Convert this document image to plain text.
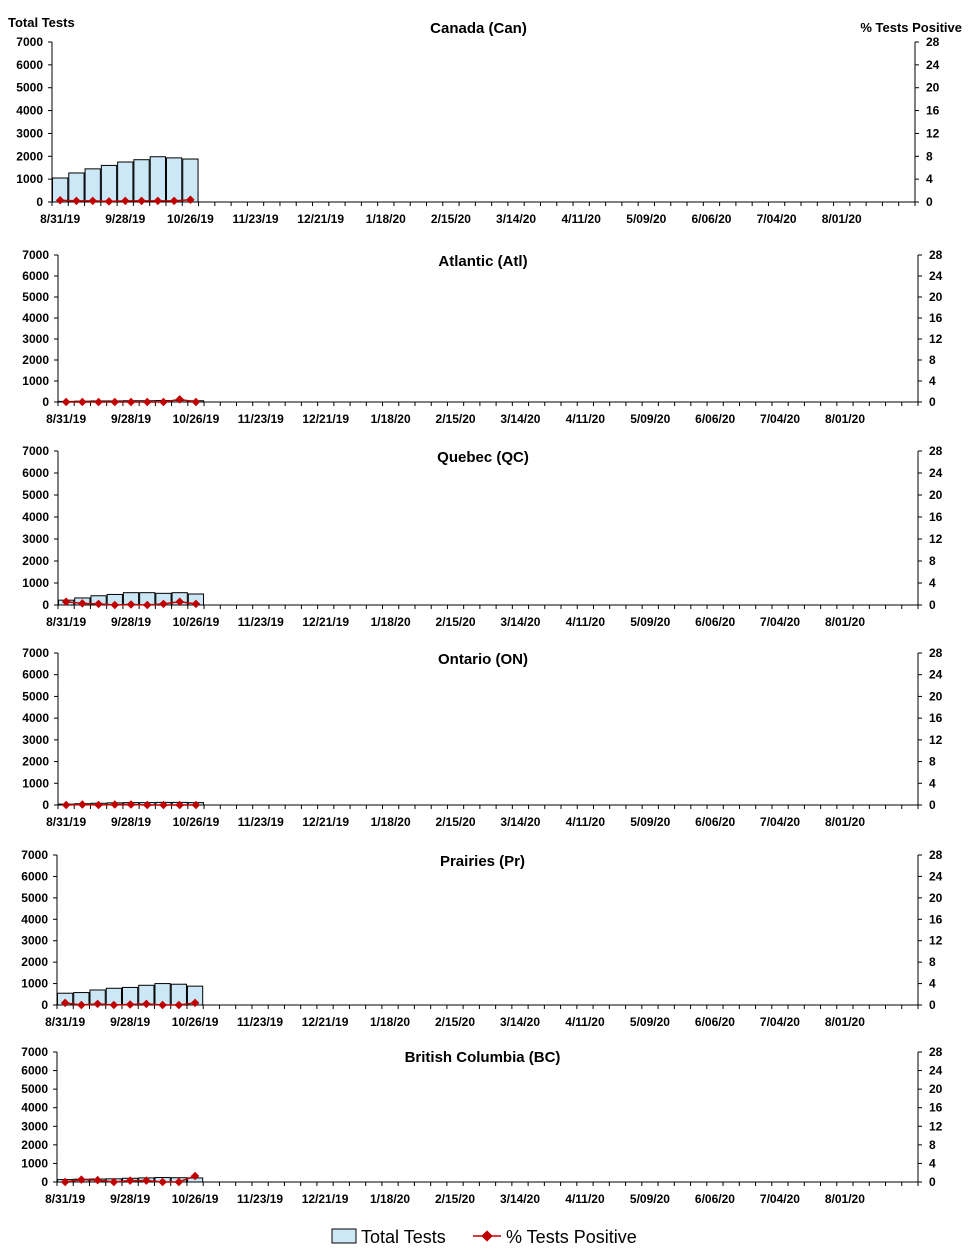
Total Tests	% Tests Positive
Canada (Can)
0
1000
2000
3000
4000
5000
6000
7000
0
4
8
12
16
20
24
28
8/31/19 9/28/19 10/26/19 11/23/19 12/21/19 1/18/20 2/15/20 3/14/20 4/11/20 5/09/20 6/06/20 7/04/20 8/01/20
Atlantic (Atl)
0
1000
2000
3000
4000
5000
6000
7000
0
4
8
12
16
20
24
28
8/31/19 9/28/19 10/26/19 11/23/19 12/21/19 1/18/20 2/15/20 3/14/20 4/11/20 5/09/20 6/06/20 7/04/20 8/01/20
Quebec (QC)
0
1000
2000
3000
4000
5000
6000
7000
0
4
8
12
16
20
24
28
8/31/19 9/28/19 10/26/19 11/23/19 12/21/19 1/18/20 2/15/20 3/14/20 4/11/20 5/09/20 6/06/20 7/04/20 8/01/20
Ontario (ON)
0
1000
2000
3000
4000
5000
6000
7000
0
4
8
12
16
20
24
28
8/31/19 9/28/19 10/26/19 11/23/19 12/21/19 1/18/20 2/15/20 3/14/20 4/11/20 5/09/20 6/06/20 7/04/20 8/01/20
Prairies (Pr)
0
1000
2000
3000
4000
5000
6000
7000
0
4
8
12
16
20
24
28
8/31/19 9/28/19 10/26/19 11/23/19 12/21/19 1/18/20 2/15/20 3/14/20 4/11/20 5/09/20 6/06/20 7/04/20 8/01/20
British Columbia (BC)
0
1000
2000
3000
4000
5000
6000
7000
0
4
8
12
16
20
24
28
8/31/19 9/28/19 10/26/19 11/23/19 12/21/19 1/18/20 2/15/20 3/14/20 4/11/20 5/09/20 6/06/20 7/04/20 8/01/20
Total Tests	% Tests Positive
